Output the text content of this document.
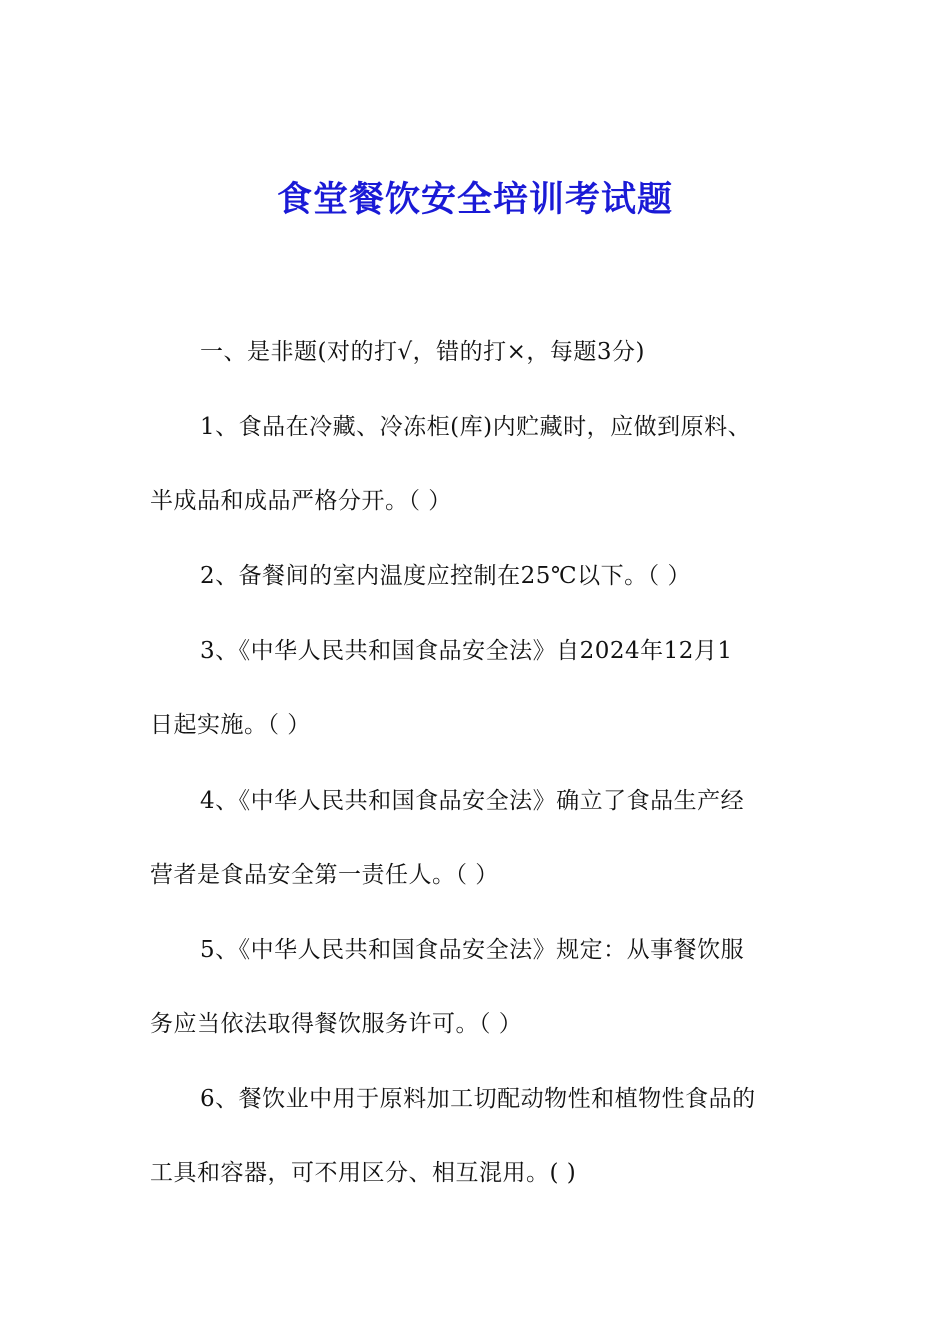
食堂餐饮安全培训考试题
一、是非题(对的打√，错的打×，每题3分)
1、食品在冷藏、冷冻柜(库)内贮藏时，应做到原料、
半成品和成品严格分开。（ ）
2、备餐间的室内温度应控制在25℃以下。（ ）
3、《中华人民共和国食品安全法》自2024年12月1
日起实施。（ ）
4、《中华人民共和国食品安全法》确立了食品生产经
营者是食品安全第一责任人。（ ）
5、《中华人民共和国食品安全法》规定：从事餐饮服
务应当依法取得餐饮服务许可。（ ）
6、餐饮业中用于原料加工切配动物性和植物性食品的
工具和容器，可不用区分、相互混用。( )
